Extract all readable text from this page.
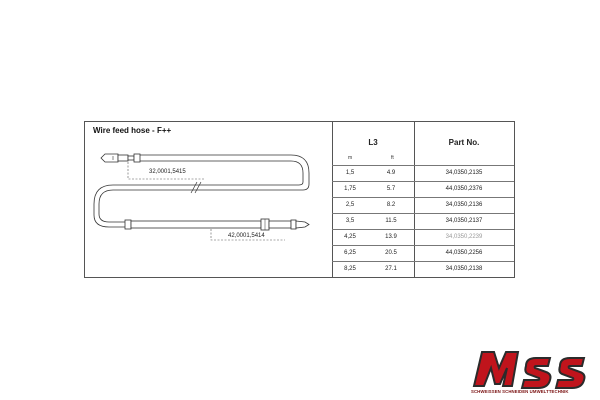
Wire feed hose - F++
32,0001,5415
42,0001,5414
L3	Part No.
m	ft
1,5	4.9	34,0350,2135
1,75	5.7	44,0350,2376
2,5	8.2	34,0350,2136
3,5	11.5	34,0350,2137
4,25	13.9	34,0350,2239
6,25	20.5	44,0350,2256
8,25	27.1	34,0350,2138
SCHWEISSEN SCHNEIDEN UMWELTTECHNIK
